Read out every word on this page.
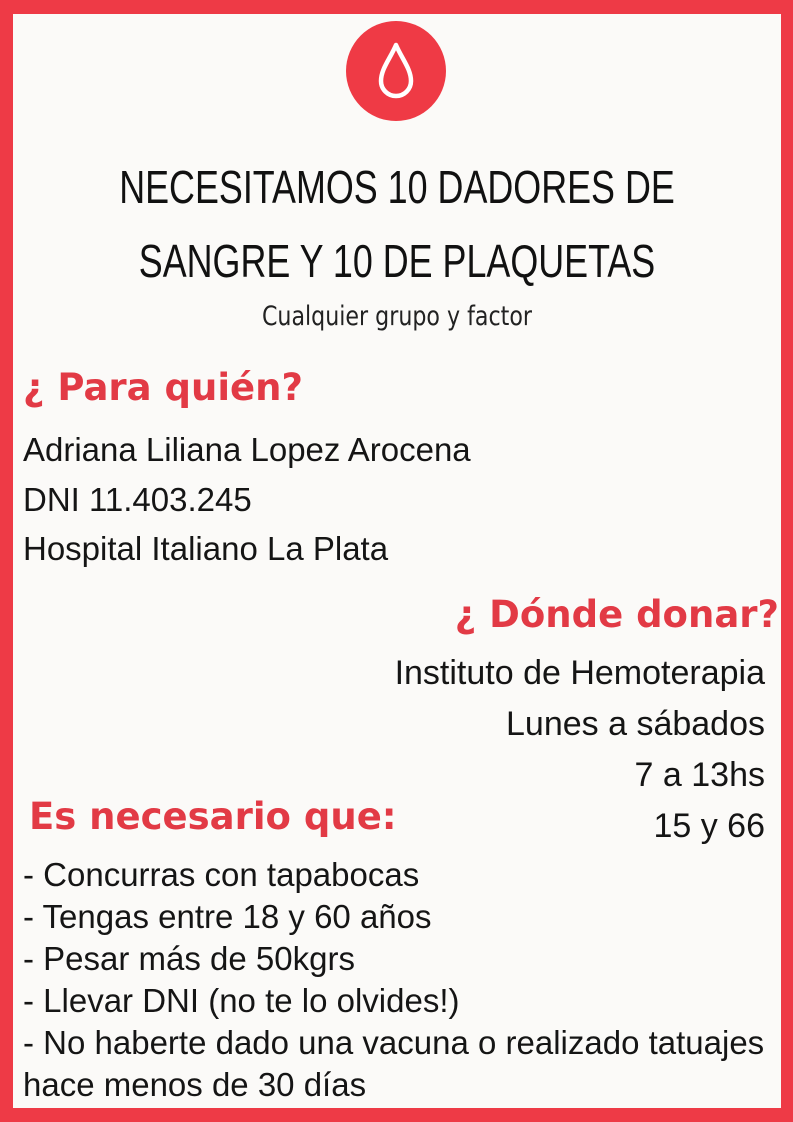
NECESITAMOS 10 DADORES DE
SANGRE Y 10 DE PLAQUETAS
Cualquier grupo y factor
¿ Para quién?
Adriana Liliana Lopez Arocena
DNI 11.403.245
Hospital Italiano La Plata
¿ Dónde donar?
Instituto de Hemoterapia
Lunes a sábados
7 a 13hs
15 y 66
Es necesario que:
- Concurras con tapabocas
- Tengas entre 18 y 60 años
- Pesar más de 50kgrs
- Llevar DNI (no te lo olvides!)
- No haberte dado una vacuna o realizado tatuajes hace menos de 30 días
